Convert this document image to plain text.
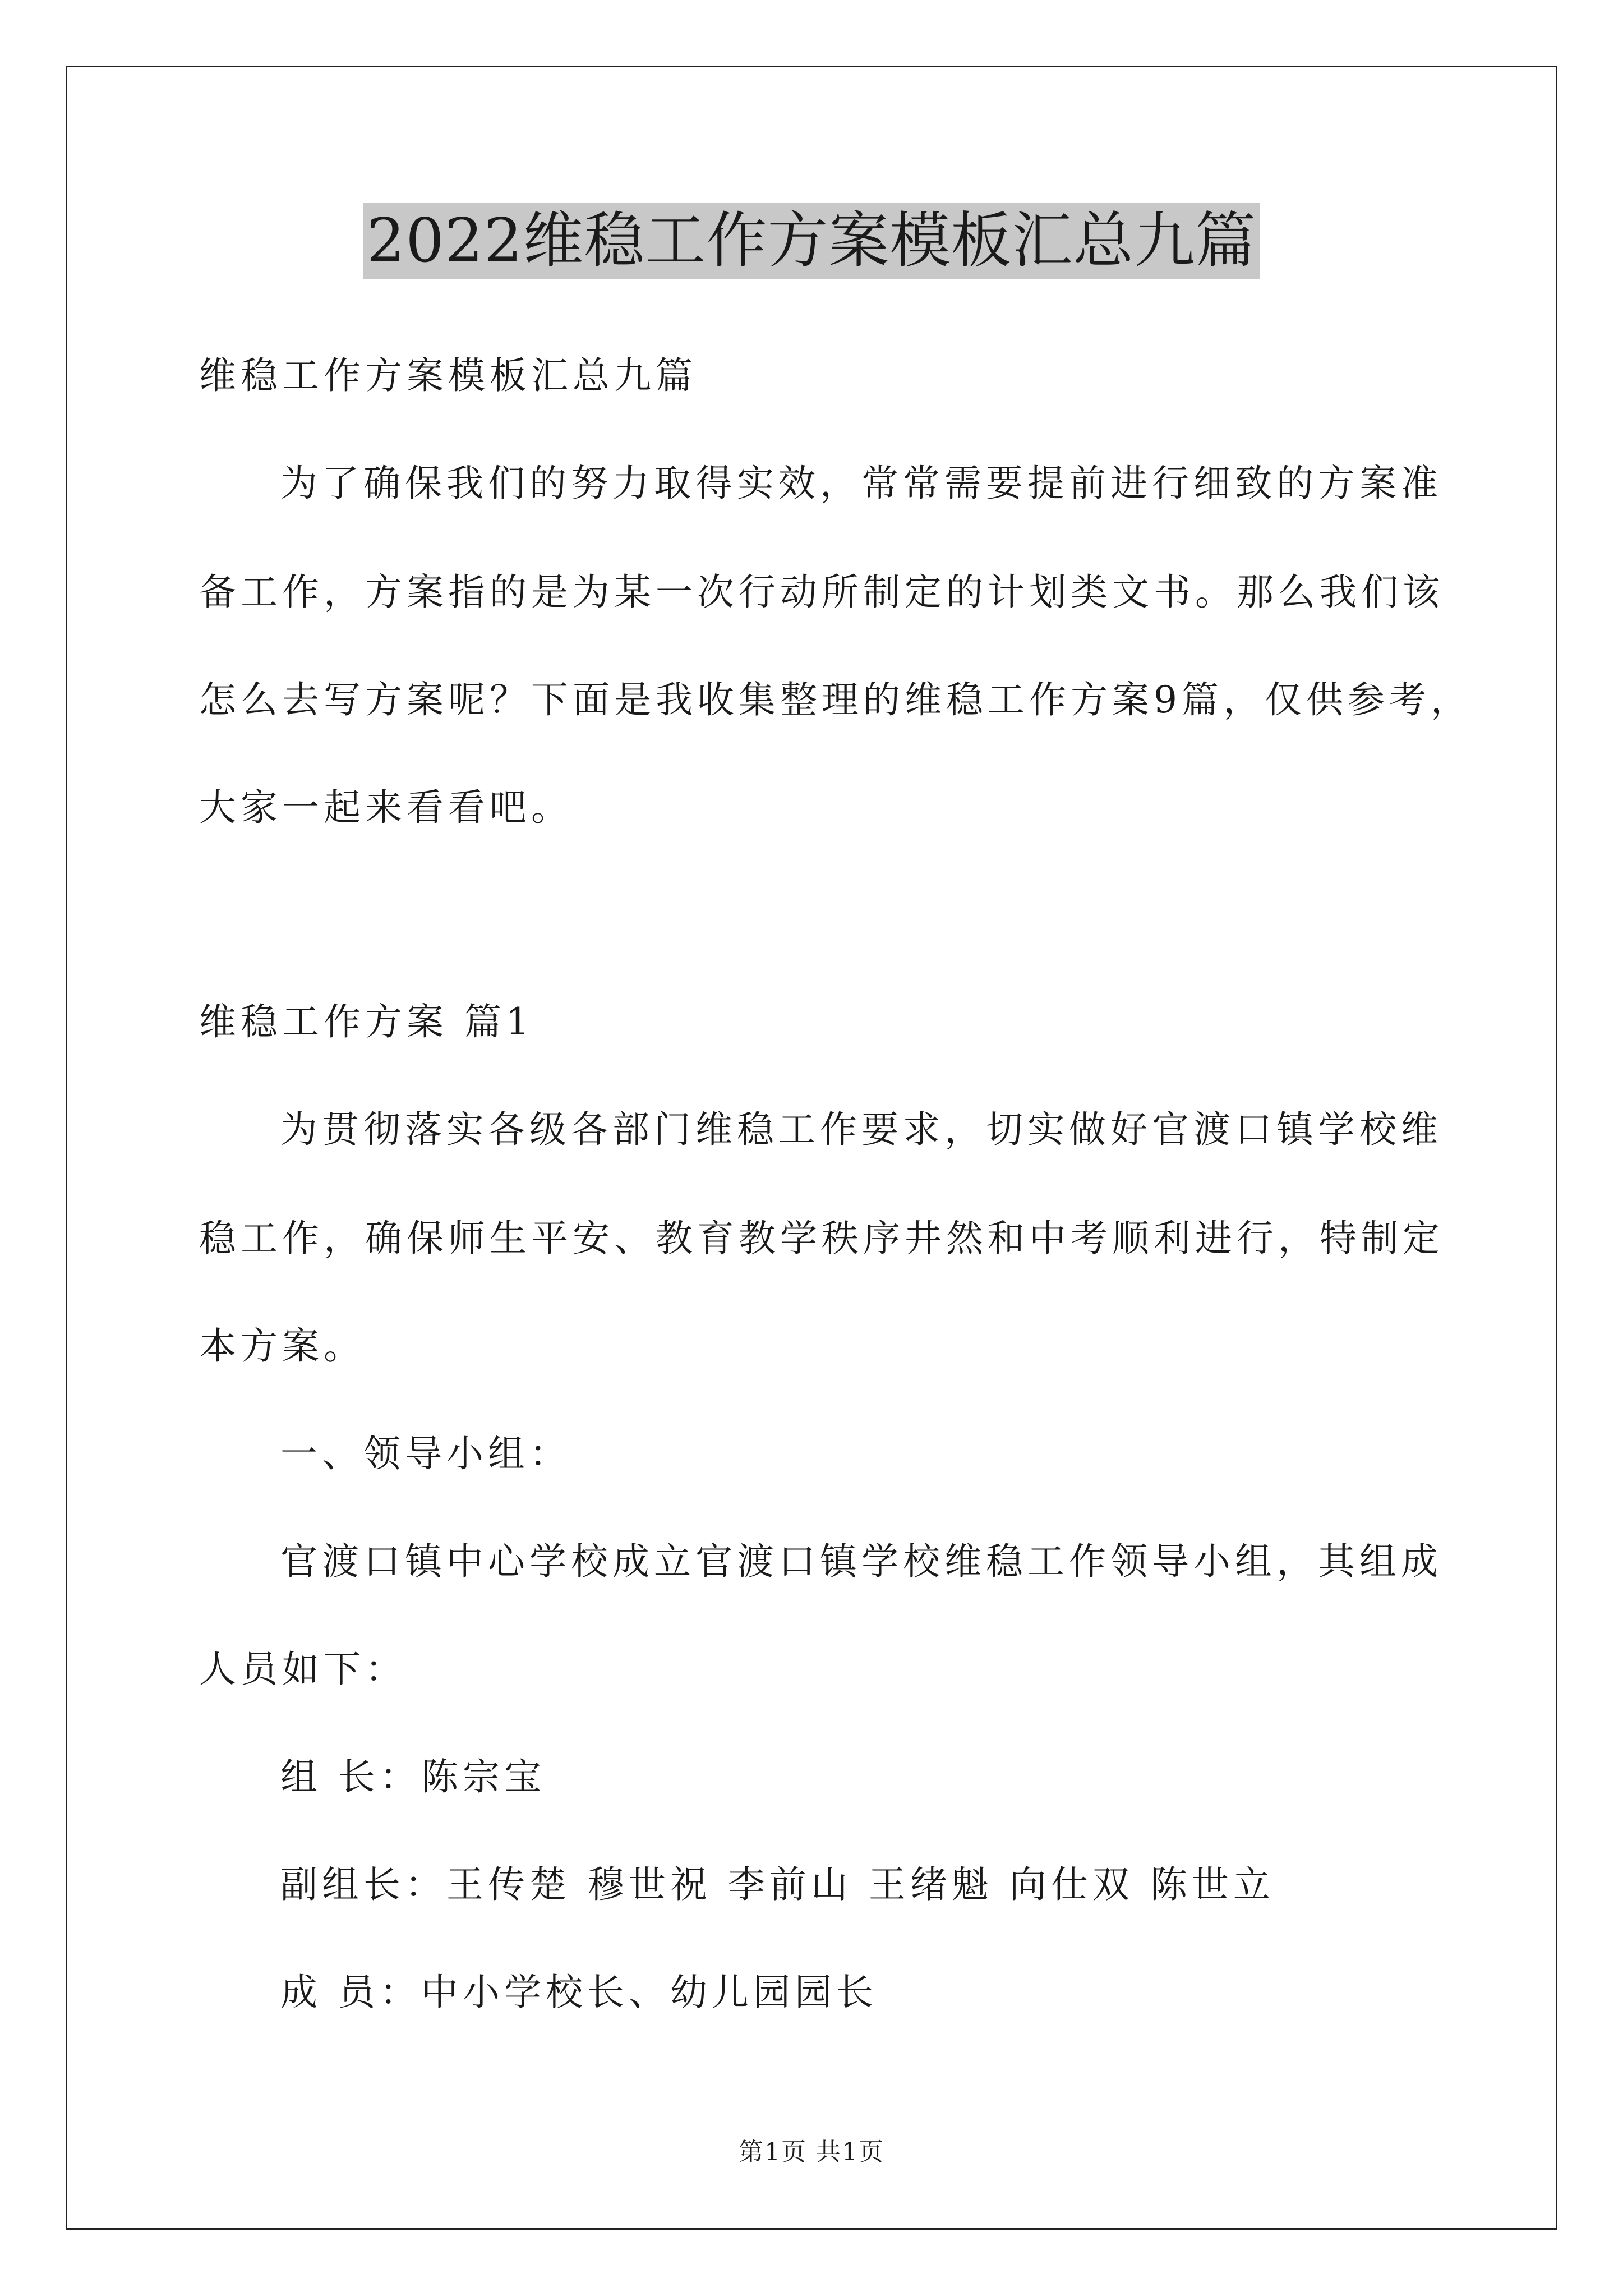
2022维稳工作方案模板汇总九篇
维稳工作方案模板汇总九篇
为了确保我们的努力取得实效，常常需要提前进行细致的方案准
备工作，方案指的是为某一次行动所制定的计划类文书。那么我们该
怎么去写方案呢？下面是我收集整理的维稳工作方案9篇，仅供参考，
大家一起来看看吧。
维稳工作方案 篇1
为贯彻落实各级各部门维稳工作要求，切实做好官渡口镇学校维
稳工作，确保师生平安、教育教学秩序井然和中考顺利进行，特制定
本方案。
一、领导小组：
官渡口镇中心学校成立官渡口镇学校维稳工作领导小组，其组成
人员如下：
组 长：陈宗宝
副组长：王传楚 穆世祝 李前山 王绪魁 向仕双 陈世立
成 员：中小学校长、幼儿园园长
第1页 共1页
